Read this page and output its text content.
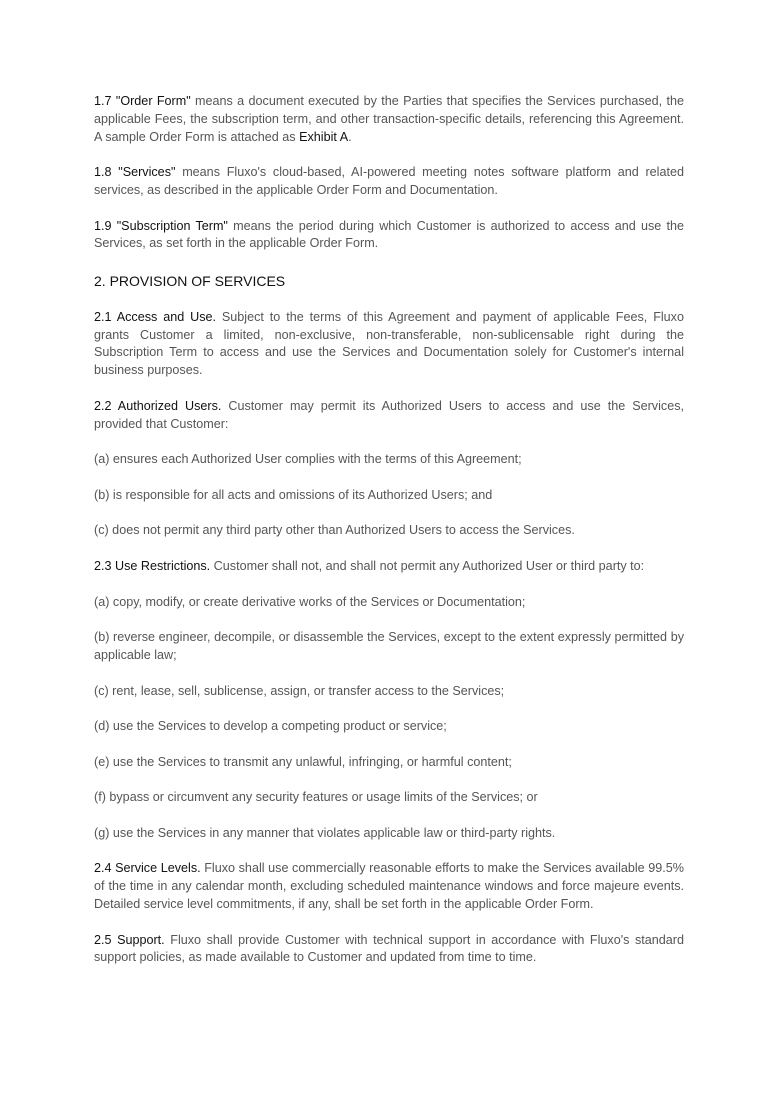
1.7 "Order Form" means a document executed by the Parties that specifies the Services purchased, the applicable Fees, the subscription term, and other transaction-specific details, referencing this Agreement. A sample Order Form is attached as Exhibit A.

1.8 "Services" means Fluxo's cloud-based, AI-powered meeting notes software platform and related services, as described in the applicable Order Form and Documentation.

1.9 "Subscription Term" means the period during which Customer is authorized to access and use the Services, as set forth in the applicable Order Form.

2. PROVISION OF SERVICES

2.1 Access and Use. Subject to the terms of this Agreement and payment of applicable Fees, Fluxo grants Customer a limited, non-exclusive, non-transferable, non-sublicensable right during the Subscription Term to access and use the Services and Documentation solely for Customer's internal business purposes.

2.2 Authorized Users. Customer may permit its Authorized Users to access and use the Services, provided that Customer:

(a) ensures each Authorized User complies with the terms of this Agreement;

(b) is responsible for all acts and omissions of its Authorized Users; and

(c) does not permit any third party other than Authorized Users to access the Services.

2.3 Use Restrictions. Customer shall not, and shall not permit any Authorized User or third party to:

(a) copy, modify, or create derivative works of the Services or Documentation;

(b) reverse engineer, decompile, or disassemble the Services, except to the extent expressly permitted by applicable law;

(c) rent, lease, sell, sublicense, assign, or transfer access to the Services;

(d) use the Services to develop a competing product or service;

(e) use the Services to transmit any unlawful, infringing, or harmful content;

(f) bypass or circumvent any security features or usage limits of the Services; or

(g) use the Services in any manner that violates applicable law or third-party rights.

2.4 Service Levels. Fluxo shall use commercially reasonable efforts to make the Services available 99.5% of the time in any calendar month, excluding scheduled maintenance windows and force majeure events. Detailed service level commitments, if any, shall be set forth in the applicable Order Form.

2.5 Support. Fluxo shall provide Customer with technical support in accordance with Fluxo's standard support policies, as made available to Customer and updated from time to time.
